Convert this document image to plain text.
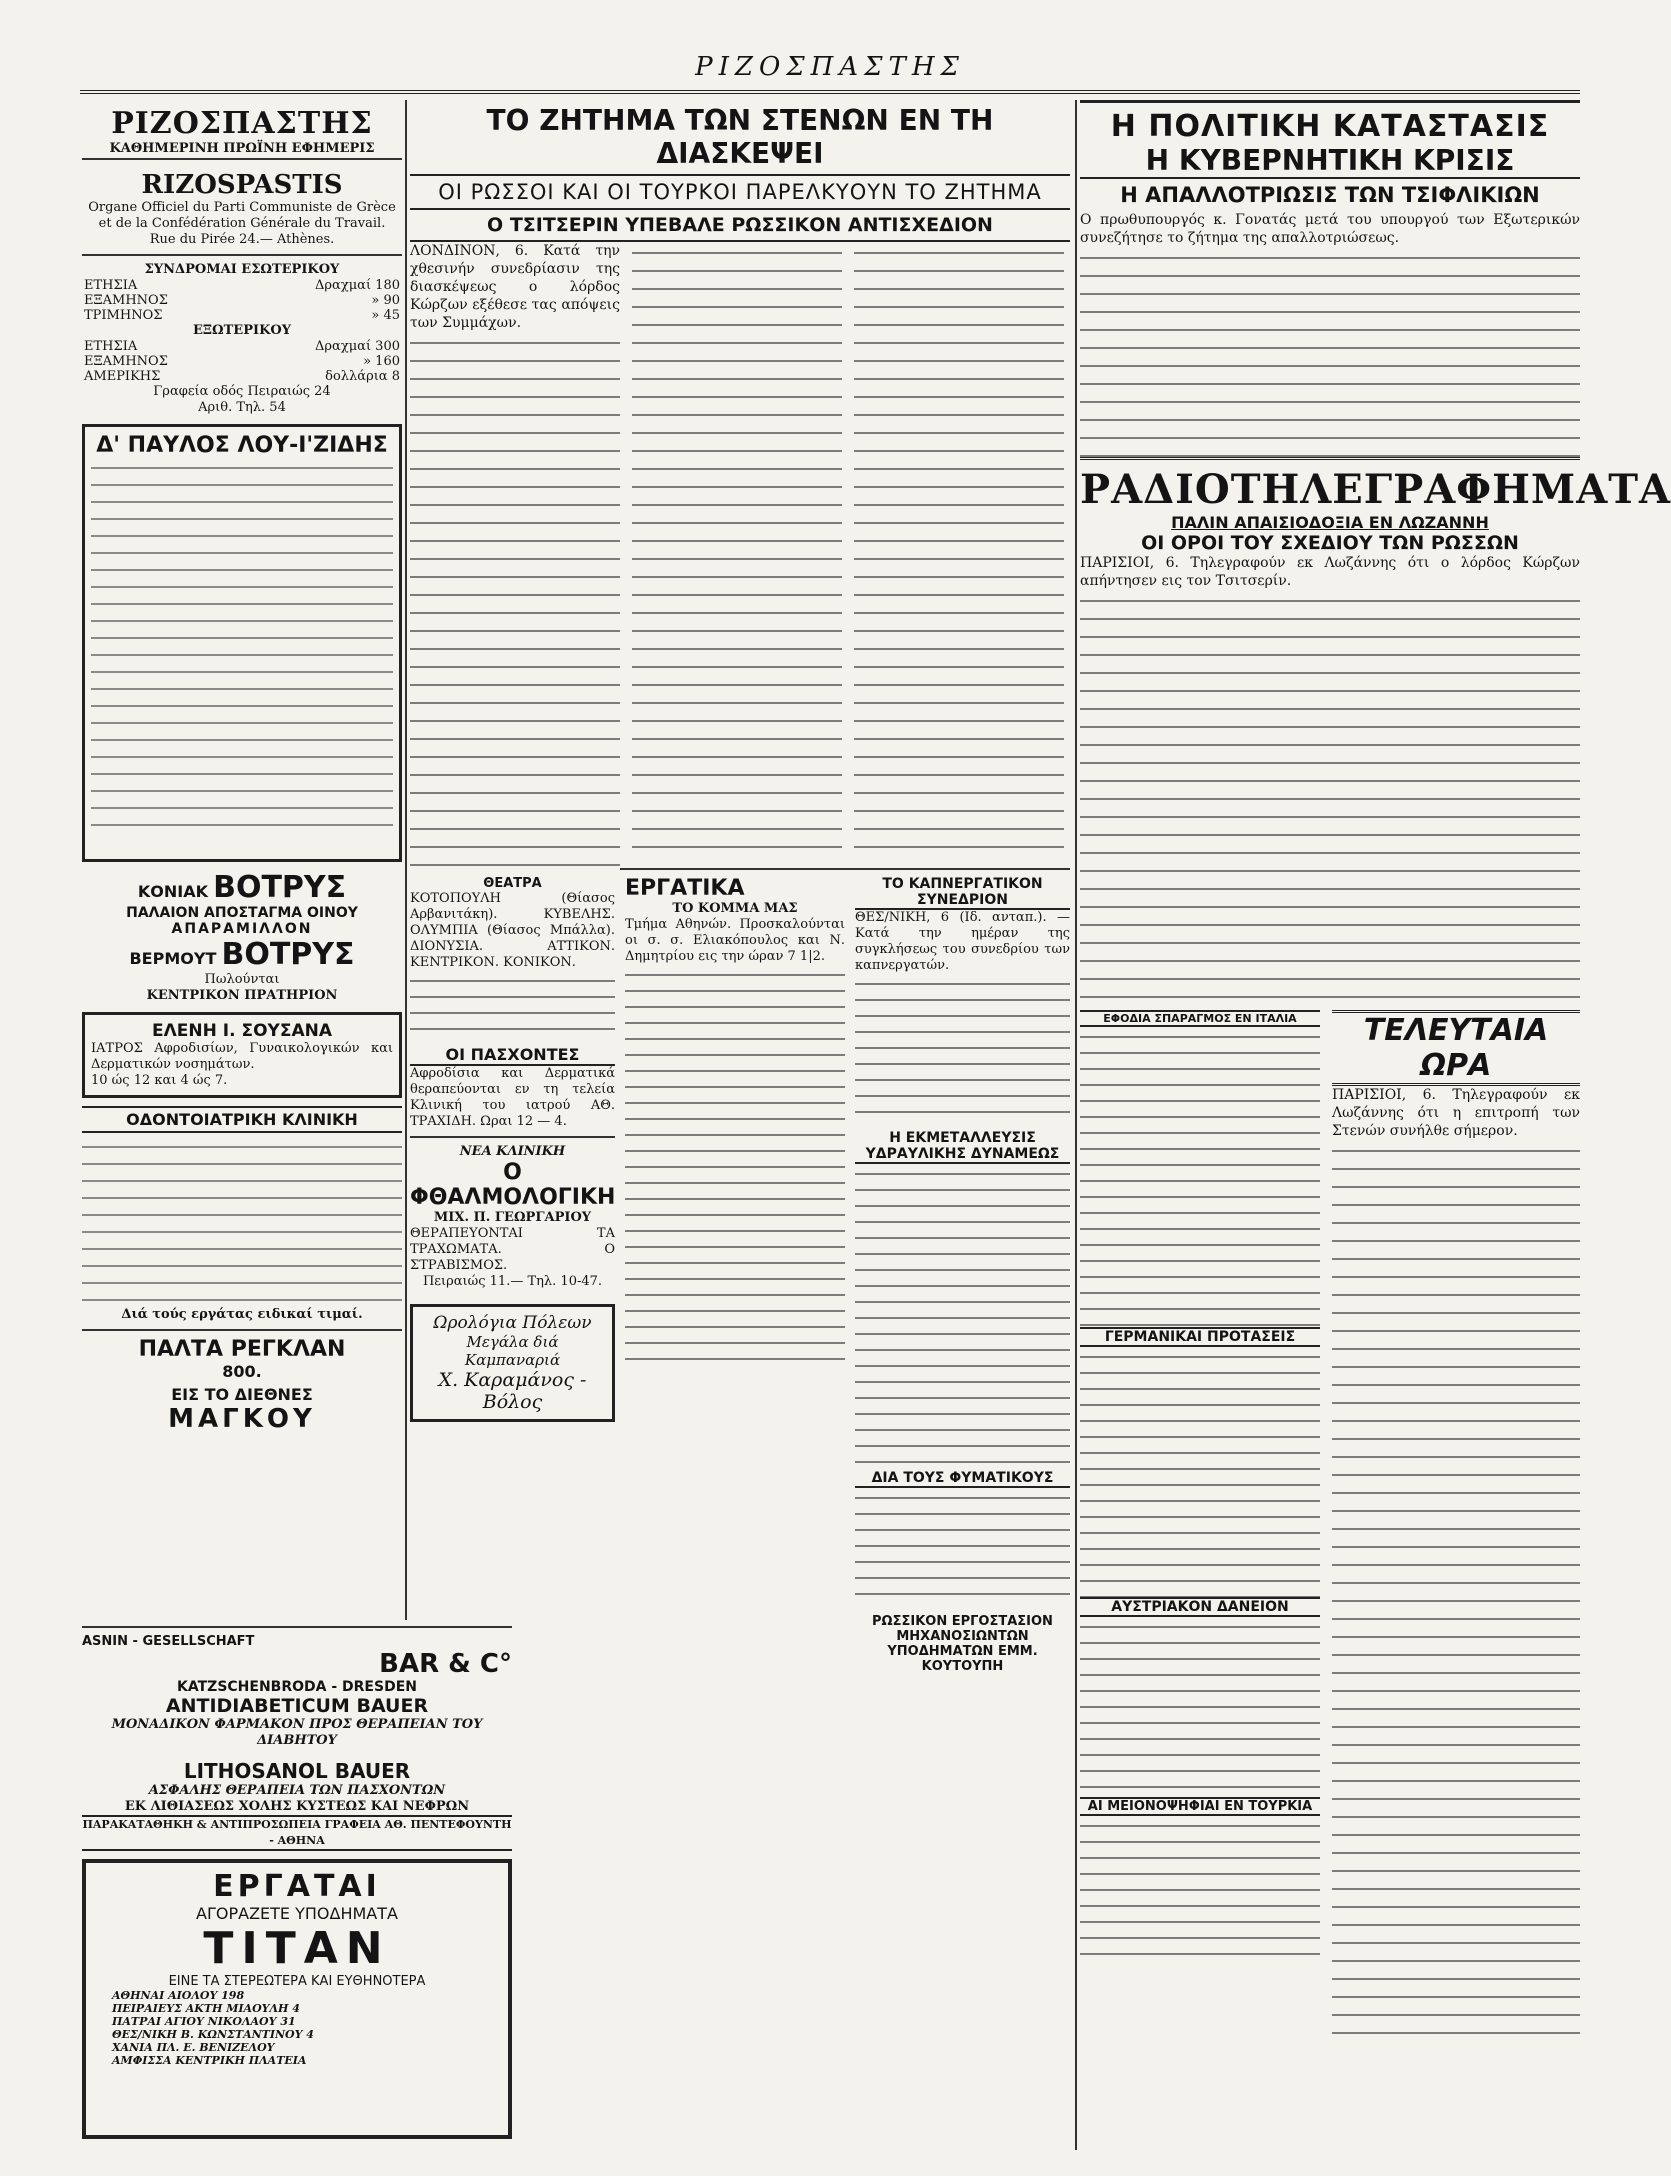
ΡΙΖΟΣΠΑΣΤΗΣ
ΡΙΖΟΣΠΑΣΤΗΣ
ΚΑΘΗΜΕΡΙΝΗ ΠΡΩΪΝΗ ΕΦΗΜΕΡΙΣ
RIZOSPASTIS
Organe Officiel du Parti Communiste de Grèce et de la Confédération Générale du Travail.
Rue du Pirée 24.— Athènes.
ΣΥΝΔΡΟΜΑΙ ΕΣΩΤΕΡΙΚΟΥ
ΕΤΗΣΙΑ	Δραχμαί 180
ΕΞΑΜΗΝΟΣ	» 90
ΤΡΙΜΗΝΟΣ	» 45
ΕΞΩΤΕΡΙΚΟΥ
ΕΤΗΣΙΑ	Δραχμαί 300
ΕΞΑΜΗΝΟΣ	» 160
ΑΜΕΡΙΚΗΣ	δολλάρια 8
Γραφεία οδός Πειραιώς 24
Αριθ. Τηλ. 54
Δ' ΠΑΥΛΟΣ ΛΟΥ-Ι'ΖΙΔΗΣ
ΚΟΝΙΑΚ ΒΟΤΡΥΣ
ΠΑΛΑΙΟΝ ΑΠΟΣΤΑΓΜΑ ΟΙΝΟΥ
ΑΠΑΡΑΜΙΛΛΟΝ
ΒΕΡΜΟΥΤ ΒΟΤΡΥΣ
Πωλούνται
ΚΕΝΤΡΙΚΟΝ ΠΡΑΤΗΡΙΟΝ
ΕΛΕΝΗ Ι. ΣΟΥΣΑΝΑ
ΙΑΤΡΟΣ Αφροδισίων, Γυναικολογικών και Δερματικών νοσημάτων.
10 ώς 12 και 4 ώς 7.
ΟΔΟΝΤΟΙΑΤΡΙΚΗ ΚΛΙΝΙΚΗ
Διά τούς εργάτας ειδικαί τιμαί.
ΠΑΛΤΑ ΡΕΓΚΛΑΝ
800.
ΕΙΣ ΤΟ ΔΙΕΘΝΕΣ
ΜΑΓΚΟΥ
ΤΟ ΖΗΤΗΜΑ ΤΩΝ ΣΤΕΝΩΝ ΕΝ ΤΗ ΔΙΑΣΚΕΨΕΙ
ΟΙ ΡΩΣΣΟΙ ΚΑΙ ΟΙ ΤΟΥΡΚΟΙ ΠΑΡΕΛΚΥΟΥΝ ΤΟ ΖΗΤΗΜΑ
Ο ΤΣΙΤΣΕΡΙΝ ΥΠΕΒΑΛΕ ΡΩΣΣΙΚΟΝ ΑΝΤΙΣΧΕΔΙΟΝ
ΛΟΝΔΙΝΟΝ, 6. Κατά την χθεσινήν συνεδρίασιν της διασκέψεως ο λόρδος Κώρζων εξέθεσε τας απόψεις των Συμμάχων.
ΘΕΑΤΡΑ
ΚΟΤΟΠΟΥΛΗ (Θίασος Αρβανιτάκη). ΚΥΒΕΛΗΣ. ΟΛΥΜΠΙΑ (Θίασος Μπάλλα). ΔΙΟΝΥΣΙΑ. ΑΤΤΙΚΟΝ. ΚΕΝΤΡΙΚΟΝ. ΚΟΝΙΚΟΝ.
ΟΙ ΠΑΣΧΟΝΤΕΣ
Αφροδίσια και Δερματικά θεραπεύονται εν τη τελεία Κλινική του ιατρού ΑΘ. ΤΡΑΧΙΔΗ. Ωραι 12 — 4.
ΝΕΑ ΚΛΙΝΙΚΗ
Ο ΦΘΑΛΜΟΛΟΓΙΚΗ
ΜΙΧ. Π. ΓΕΩΡΓΑΡΙΟΥ
ΘΕΡΑΠΕΥΟΝΤΑΙ ΤΑ ΤΡΑΧΩΜΑΤΑ. Ο ΣΤΡΑΒΙΣΜΟΣ.
Πειραιώς 11.— Τηλ. 10-47.
Ωρολόγια Πόλεων
Μεγάλα διά Καμπαναριά
Χ. Καραμάνος - Βόλος
ΕΡΓΑΤΙΚΑ
ΤΟ ΚΟΜΜΑ ΜΑΣ
Τμήμα Αθηνών. Προσκαλούνται οι σ. σ. Ελιακόπουλος και Ν. Δημητρίου εις την ώραν 7 1|2.
ΤΟ ΚΑΠΝΕΡΓΑΤΙΚΟΝ ΣΥΝΕΔΡΙΟΝ
ΘΕΣ/ΝΙΚΗ, 6 (Ιδ. ανταπ.). — Κατά την ημέραν της συγκλήσεως του συνεδρίου των καπνεργατών.
Η ΕΚΜΕΤΑΛΛΕΥΣΙΣ ΥΔΡΑΥΛΙΚΗΣ ΔΥΝΑΜΕΩΣ
ΔΙΑ ΤΟΥΣ ΦΥΜΑΤΙΚΟΥΣ
ΡΩΣΣΙΚΟΝ ΕΡΓΟΣΤΑΣΙΟΝ ΜΗΧΑΝΟΣΙΩΝΤΩΝ ΥΠΟΔΗΜΑΤΩΝ ΕΜΜ. ΚΟΥΤΟΥΠΗ
ASNIN - GESELLSCHAFT
BAR & C°
KATZSCHENBRODA - DRESDEN
ANTIDIABETICUM BAUER
ΜΟΝΑΔΙΚΟΝ ΦΑΡΜΑΚΟΝ ΠΡΟΣ ΘΕΡΑΠΕΙΑΝ ΤΟΥ ΔΙΑΒΗΤΟΥ
LITHOSANOL BAUER
ΑΣΦΑΛΗΣ ΘΕΡΑΠΕΙΑ ΤΩΝ ΠΑΣΧΟΝΤΩΝ
ΕΚ ΛΙΘΙΑΣΕΩΣ ΧΟΛΗΣ ΚΥΣΤΕΩΣ ΚΑΙ ΝΕΦΡΩΝ
ΠΑΡΑΚΑΤΑΘΗΚΗ & ΑΝΤΙΠΡΟΣΩΠΕΙΑ ΓΡΑΦΕΙΑ ΑΘ. ΠΕΝΤΕΦΟΥΝΤΗ - ΑΘΗΝΑ
ΕΡΓΑΤΑΙ
ΑΓΟΡΑΖΕΤΕ ΥΠΟΔΗΜΑΤΑ
ΤΙΤΑΝ
ΕΙΝΕ ΤΑ ΣΤΕΡΕΩΤΕΡΑ ΚΑΙ ΕΥΘΗΝΟΤΕΡΑ
ΑΘΗΝΑΙ ΑΙΟΛΟΥ 198
ΠΕΙΡΑΙΕΥΣ ΑΚΤΗ ΜΙΑΟΥΛΗ 4
ΠΑΤΡΑΙ ΑΓΙΟΥ ΝΙΚΟΛΑΟΥ 31
ΘΕΣ/ΝΙΚΗ Β. ΚΩΝΣΤΑΝΤΙΝΟΥ 4
ΧΑΝΙΑ ΠΛ. Ε. ΒΕΝΙΖΕΛΟΥ
ΑΜΦΙΣΣΑ ΚΕΝΤΡΙΚΗ ΠΛΑΤΕΙΑ
Η ΠΟΛΙΤΙΚΗ ΚΑΤΑΣΤΑΣΙΣ
Η ΚΥΒΕΡΝΗΤΙΚΗ ΚΡΙΣΙΣ
Η ΑΠΑΛΛΟΤΡΙΩΣΙΣ ΤΩΝ ΤΣΙΦΛΙΚΙΩΝ
Ο πρωθυπουργός κ. Γονατάς μετά του υπουργού των Εξωτερικών συνεζήτησε το ζήτημα της απαλλοτριώσεως.
ΡΑΔΙΟΤΗΛΕΓΡΑΦΗΜΑΤΑ
ΠΑΛΙΝ ΑΠΑΙΣΙΟΔΟΞΙΑ ΕΝ ΛΩΖΑΝΝΗ
ΟΙ ΟΡΟΙ ΤΟΥ ΣΧΕΔΙΟΥ ΤΩΝ ΡΩΣΣΩΝ
ΠΑΡΙΣΙΟΙ, 6. Τηλεγραφούν εκ Λωζάννης ότι ο λόρδος Κώρζων απήντησεν εις τον Τσιτσερίν.
ΕΦΟΔΙΑ ΣΠΑΡΑΓΜΟΣ ΕΝ ΙΤΑΛΙΑ
ΓΕΡΜΑΝΙΚΑΙ ΠΡΟΤΑΣΕΙΣ
ΑΥΣΤΡΙΑΚΟΝ ΔΑΝΕΙΟΝ
ΑΙ ΜΕΙΟΝΟΨΗΦΙΑΙ ΕΝ ΤΟΥΡΚΙΑ
ΤΕΛΕΥΤΑΙΑ ΩΡΑ
ΠΑΡΙΣΙΟΙ, 6. Τηλεγραφούν εκ Λωζάννης ότι η επιτροπή των Στενών συνήλθε σήμερον.
